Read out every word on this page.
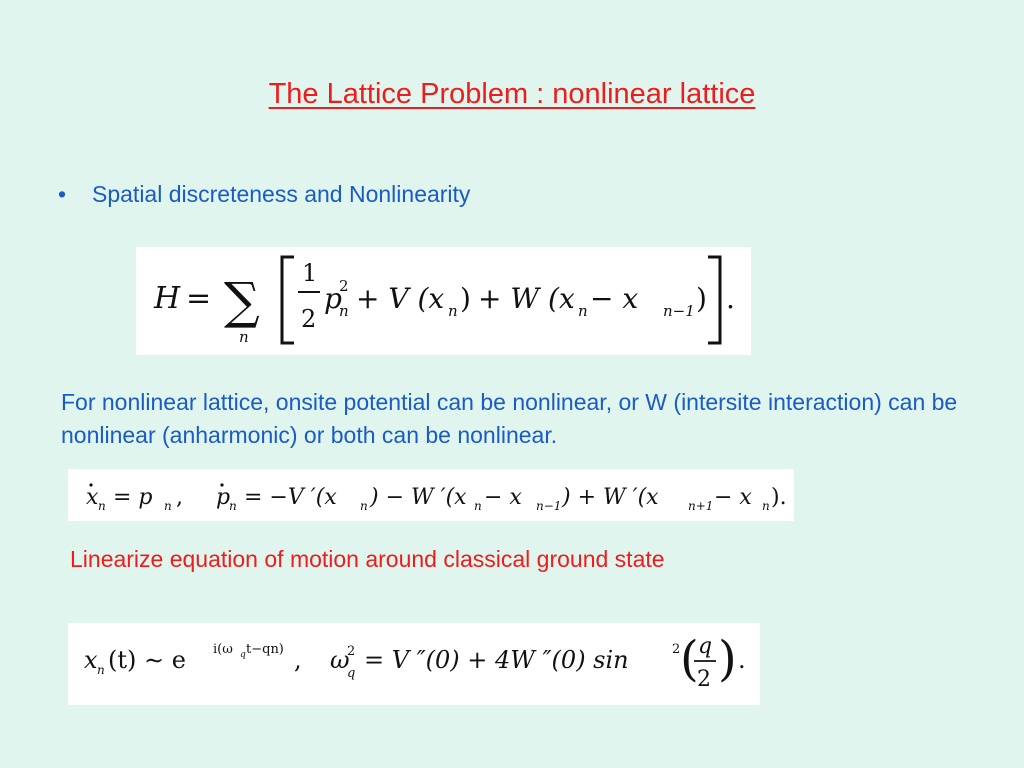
The Lattice Problem : nonlinear lattice
• Spatial discreteness and Nonlinearity
H = ∑
n
1
2
p
n
2 + V (x n ) + W (x n − x n−1 ) .
For nonlinear lattice, onsite potential can be nonlinear, or W (intersite interaction) can be nonlinear (anharmonic) or both can be nonlinear.
x n = p n , p
n = −V ′(x n ) − W ′(x n − x n−1 ) + W ′(x n+1 − x n ).
Linearize equation of motion around classical ground state
x n (t) ∼ e i(ω q t−qn) , ω
q
2 = V ″(0) + 4W ″(0) sin	2 ( q
2 ) .
